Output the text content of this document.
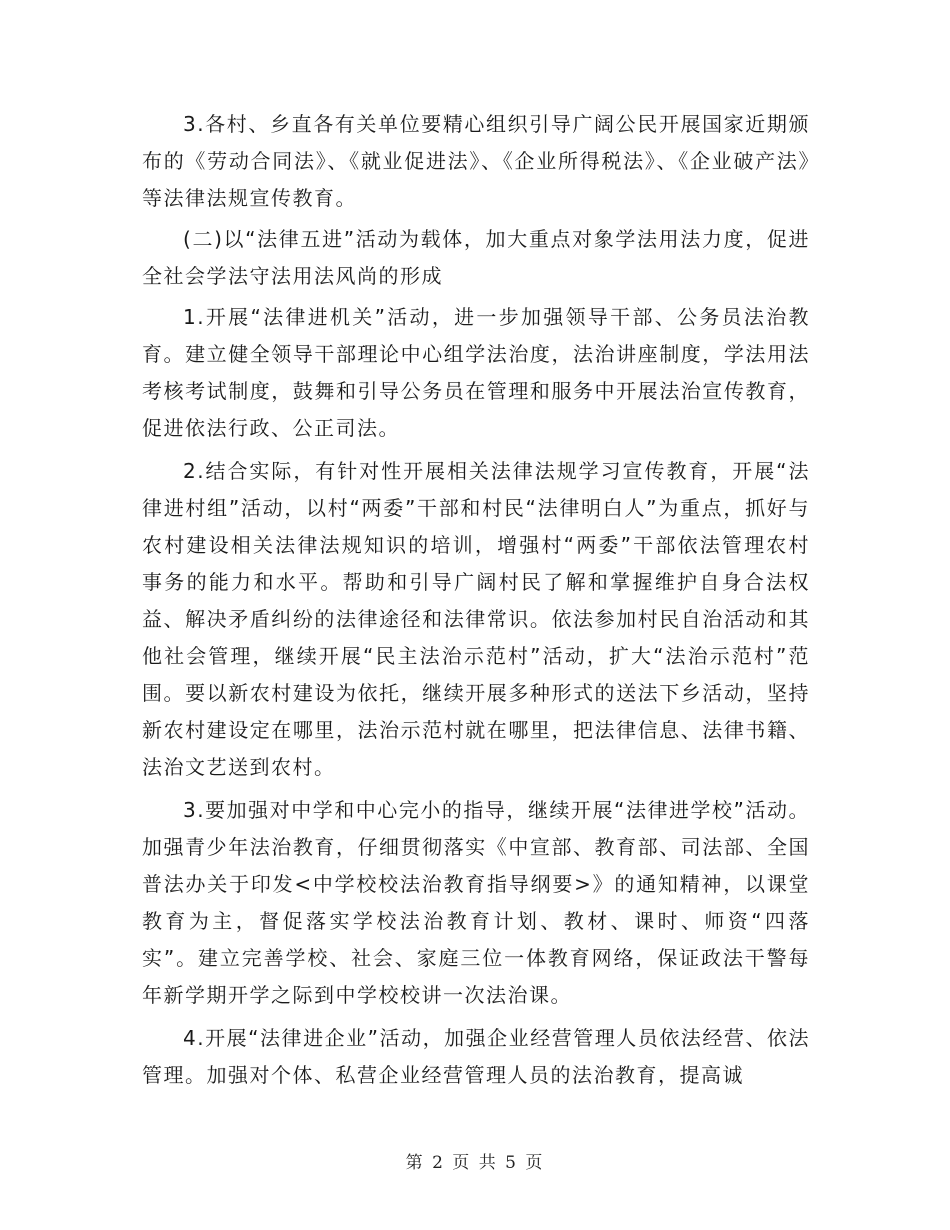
3.各村、乡直各有关单位要精心组织引导广阔公民开展国家近期颁布的《劳动合同法》、《就业促进法》、《企业所得税法》、《企业破产法》等法律法规宣传教育。

(二)以“法律五进”活动为载体，加大重点对象学法用法力度，促进全社会学法守法用法风尚的形成

1.开展“法律进机关”活动，进一步加强领导干部、公务员法治教育。建立健全领导干部理论中心组学法治度，法治讲座制度，学法用法考核考试制度，鼓舞和引导公务员在管理和服务中开展法治宣传教育，促进依法行政、公正司法。

2.结合实际，有针对性开展相关法律法规学习宣传教育，开展“法律进村组”活动，以村“两委”干部和村民“法律明白人”为重点，抓好与农村建设相关法律法规知识的培训，增强村“两委”干部依法管理农村事务的能力和水平。帮助和引导广阔村民了解和掌握维护自身合法权益、解决矛盾纠纷的法律途径和法律常识。依法参加村民自治活动和其他社会管理，继续开展“民主法治示范村”活动，扩大“法治示范村”范围。要以新农村建设为依托，继续开展多种形式的送法下乡活动，坚持新农村建设定在哪里，法治示范村就在哪里，把法律信息、法律书籍、法治文艺送到农村。

3.要加强对中学和中心完小的指导，继续开展“法律进学校”活动。加强青少年法治教育，仔细贯彻落实《中宣部、教育部、司法部、全国普法办关于印发<中学校校法治教育指导纲要>》的通知精神，以课堂教育为主，督促落实学校法治教育计划、教材、课时、师资“四落实”。建立完善学校、社会、家庭三位一体教育网络，保证政法干警每年新学期开学之际到中学校校讲一次法治课。

4.开展“法律进企业”活动，加强企业经营管理人员依法经营、依法管理。加强对个体、私营企业经营管理人员的法治教育，提高诚

第 2 页 共 5 页
